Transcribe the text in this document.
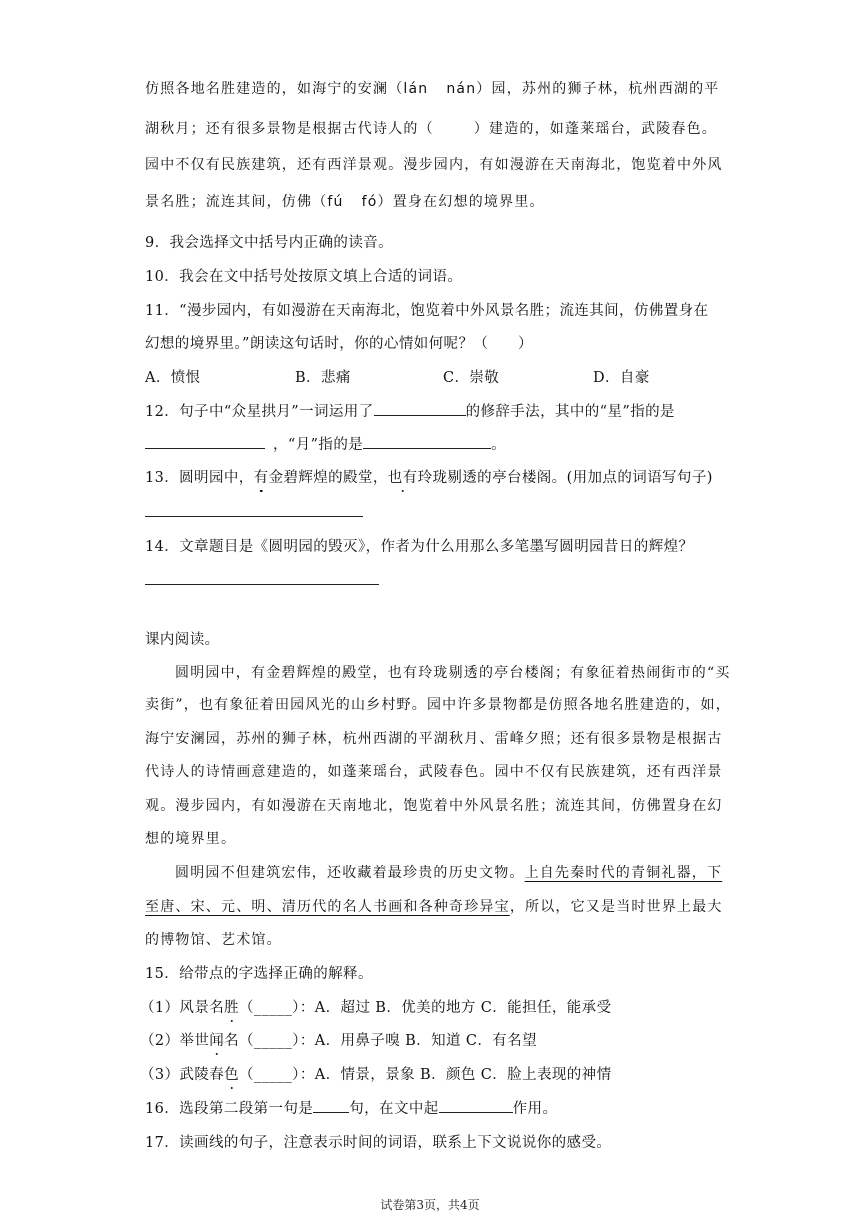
仿照各地名胜建造的，如海宁的安澜（lán nán）园，苏州的狮子林，杭州西湖的平
湖秋月；还有很多景物是根据古代诗人的（	）建造的，如蓬莱瑶台，武陵春色。
园中不仅有民族建筑，还有西洋景观。漫步园内，有如漫游在天南海北，饱览着中外风
景名胜；流连其间，仿佛（fú fó）置身在幻想的境界里。
9．我会选择文中括号内正确的读音。
10．我会在文中括号处按原文填上合适的词语。
11．“漫步园内，有如漫游在天南海北，饱览着中外风景名胜；流连其间，仿佛置身在
幻想的境界里。”朗读这句话时，你的心情如何呢？（　　）
A．愤恨	B．悲痛	C．崇敬	D．自豪
12．句子中“众星拱月”一词运用了	的修辞手法，其中的“星”指的是
，“月”指的是	。
13．圆明园中，有金碧辉煌的殿堂，也有玲珑剔透的亭台楼阁。(用加点的词语写句子)
14．文章题目是《圆明园的毁灭》，作者为什么用那么多笔墨写圆明园昔日的辉煌？
课内阅读。
圆明园中，有金碧辉煌的殿堂，也有玲珑剔透的亭台楼阁；有象征着热闹街市的“买
卖街”，也有象征着田园风光的山乡村野。园中许多景物都是仿照各地名胜建造的，如，
海宁安澜园，苏州的狮子林，杭州西湖的平湖秋月、雷峰夕照；还有很多景物是根据古
代诗人的诗情画意建造的，如蓬莱瑶台，武陵春色。园中不仅有民族建筑，还有西洋景
观。漫步园内，有如漫游在天南地北，饱览着中外风景名胜；流连其间，仿佛置身在幻
想的境界里。
圆明园不但建筑宏伟，还收藏着最珍贵的历史文物。上自先秦时代的青铜礼器，下
至唐、宋、元、明、清历代的名人书画和各种奇珍异宝，所以，它又是当时世界上最大
的博物馆、艺术馆。
15．给带点的字选择正确的解释。
（1）风景名胜（_____）：A．超过 B．优美的地方 C．能担任，能承受
（2）举世闻名（_____）：A．用鼻子嗅 B．知道 C．有名望
（3）武陵春色（_____）：A．情景，景象 B．颜色 C．脸上表现的神情
16．选段第二段第一句是 句，在文中起	作用。
17．读画线的句子，注意表示时间的词语，联系上下文说说你的感受。
试卷第3页，共4页
